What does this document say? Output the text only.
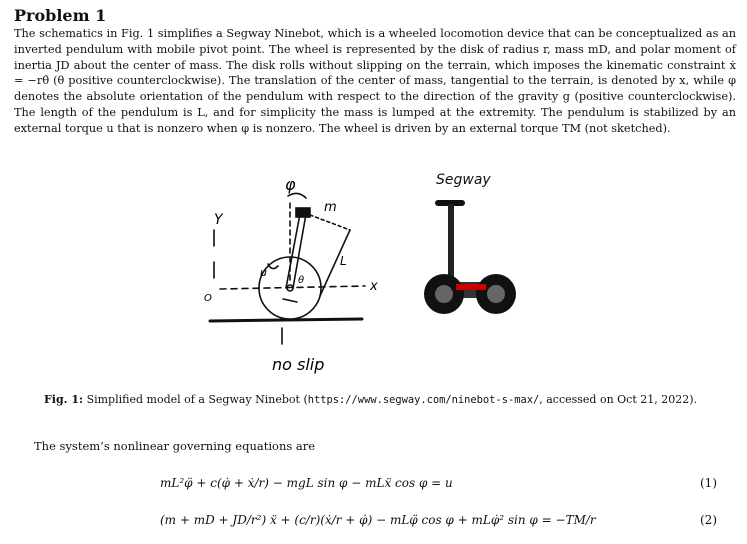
Problem 1
The schematics in Fig. 1 simplifies a Segway Ninebot, which is a wheeled locomotion device that can be conceptualized as an inverted pendulum with mobile pivot point. The wheel is represented by the disk of radius r, mass mD, and polar moment of inertia JD about the center of mass. The disk rolls without slipping on the terrain, which imposes the kinematic constraint ẋ = −rθ̇ (θ positive counterclockwise). The translation of the center of mass, tangential to the terrain, is denoted by x, while φ denotes the absolute orientation of the pendulum with respect to the direction of the gravity g (positive counterclockwise). The length of the pendulum is L, and for simplicity the mass is lumped at the extremity. The pendulum is stabilized by an external torque u that is nonzero when φ is nonzero. The wheel is driven by an external torque TM (not sketched).
φ
m
Y
L
x
u
θ
O
no slip
Segway
Fig. 1: Simplified model of a Segway Ninebot (https://www.segway.com/ninebot-s-max/, accessed on Oct 21, 2022).
The system’s nonlinear governing equations are
mL²φ̈ + c(φ̇ + ẋ/r) − mgL sin φ − mLẍ cos φ = u	(1)
(m + mD + JD/r²) ẍ + (c/r)(ẋ/r + φ̇) − mLφ̈ cos φ + mLφ̇² sin φ = −TM/r	(2)
